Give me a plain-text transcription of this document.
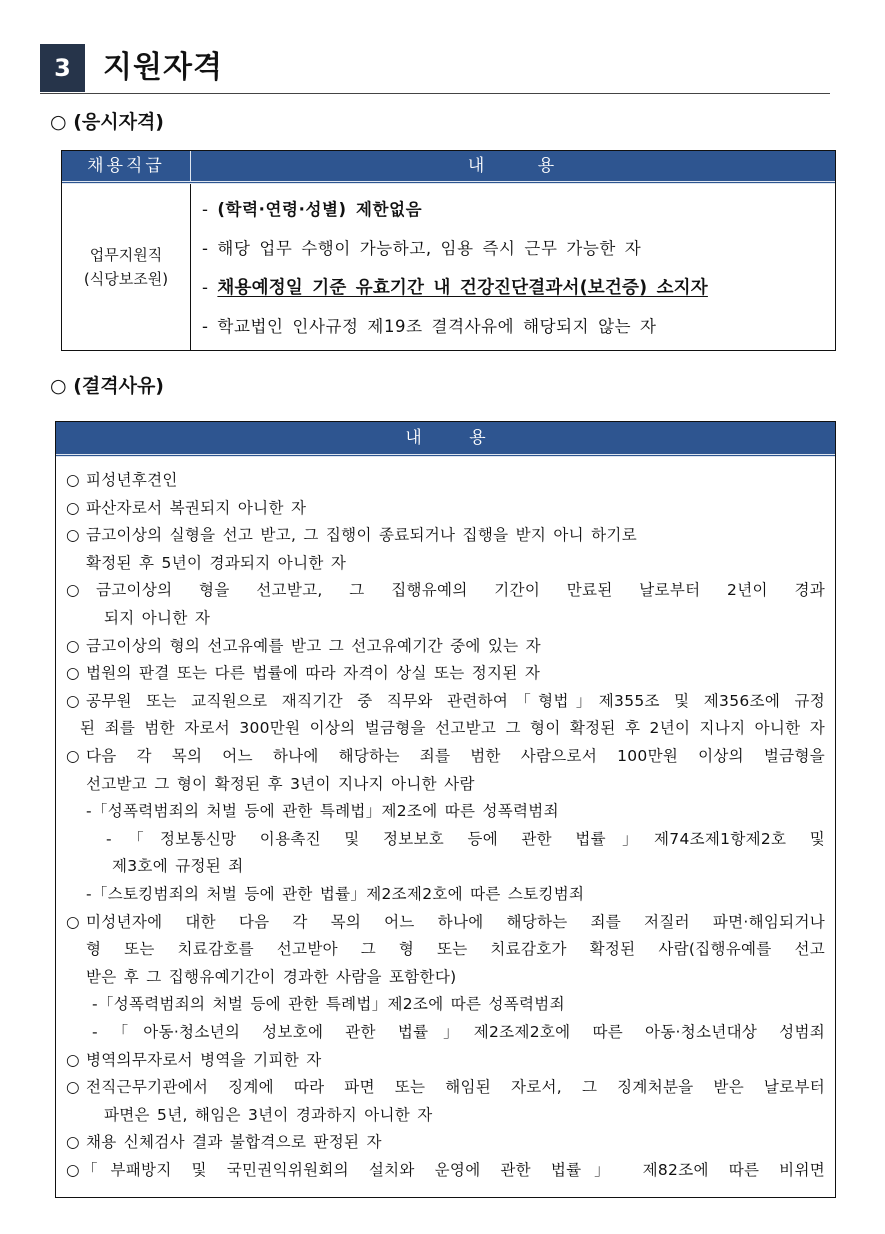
3	지원자격
○ (응시자격)
채용직급	내 용
업무지원직
(식당보조원)
- (학력·연령·성별) 제한없음
- 해당 업무 수행이 가능하고, 임용 즉시 근무 가능한 자
- 채용예정일 기준 유효기간 내 건강진단결과서(보건증) 소지자
- 학교법인 인사규정 제19조 결격사유에 해당되지 않는 자
○ (결격사유)
내 용
○ 피성년후견인
○ 파산자로서 복권되지 아니한 자
○ 금고이상의 실형을 선고 받고, 그 집행이 종료되거나 집행을 받지 아니 하기로
확정된 후 5년이 경과되지 아니한 자
○ 금고이상의 형을 선고받고, 그 집행유예의 기간이 만료된 날로부터 2년이 경과
되지 아니한 자
○ 금고이상의 형의 선고유예를 받고 그 선고유예기간 중에 있는 자
○ 법원의 판결 또는 다른 법률에 따라 자격이 상실 또는 정지된 자
○ 공무원 또는 교직원으로 재직기간 중 직무와 관련하여「형법」제355조 및 제356조에 규정
된 죄를 범한 자로서 300만원 이상의 벌금형을 선고받고 그 형이 확정된 후 2년이 지나지 아니한 자
○ 다음 각 목의 어느 하나에 해당하는 죄를 범한 사람으로서 100만원 이상의 벌금형을
선고받고 그 형이 확정된 후 3년이 지나지 아니한 사람
-「성폭력범죄의 처벌 등에 관한 특례법」제2조에 따른 성폭력범죄
-「정보통신망 이용촉진 및 정보보호 등에 관한 법률」제74조제1항제2호 및
제3호에 규정된 죄
-「스토킹범죄의 처벌 등에 관한 법률」제2조제2호에 따른 스토킹범죄
○ 미성년자에 대한 다음 각 목의 어느 하나에 해당하는 죄를 저질러 파면·해임되거나
형 또는 치료감호를 선고받아 그 형 또는 치료감호가 확정된 사람(집행유예를 선고
받은 후 그 집행유예기간이 경과한 사람을 포함한다)
-「성폭력범죄의 처벌 등에 관한 특례법」제2조에 따른 성폭력범죄
-「아동·청소년의 성보호에 관한 법률」제2조제2호에 따른 아동·청소년대상 성범죄
○ 병역의무자로서 병역을 기피한 자
○ 전직근무기관에서 징계에 따라 파면 또는 해임된 자로서, 그 징계처분을 받은 날로부터
파면은 5년, 해임은 3년이 경과하지 아니한 자
○ 채용 신체검사 결과 불합격으로 판정된 자
○ 「부패방지 및 국민권익위원회의 설치와 운영에 관한 법률」 제82조에 따른 비위면
